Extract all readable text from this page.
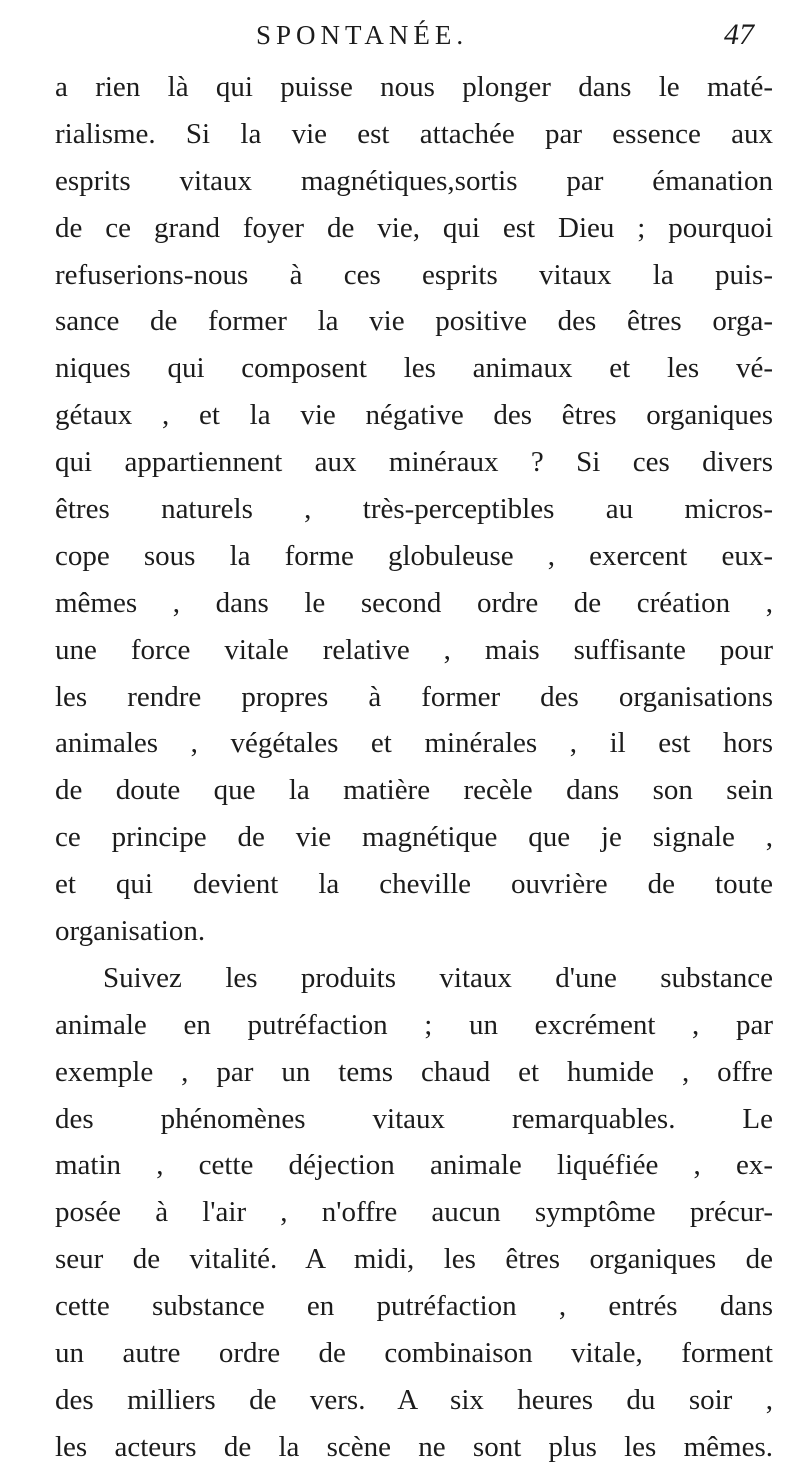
SPONTANÉE.	47
a rien là qui puisse nous plonger dans le maté-
rialisme. Si la vie est attachée par essence aux
esprits vitaux magnétiques,sortis par émanation
de ce grand foyer de vie, qui est Dieu ; pourquoi
refuserions-nous à ces esprits vitaux la puis-
sance de former la vie positive des êtres orga-
niques qui composent les animaux et les vé-
gétaux , et la vie négative des êtres organiques
qui appartiennent aux minéraux ? Si ces divers
êtres naturels , très-perceptibles au micros-
cope sous la forme globuleuse , exercent eux-
mêmes , dans le second ordre de création ,
une force vitale relative , mais suffisante pour
les rendre propres à former des organisations
animales , végétales et minérales , il est hors
de doute que la matière recèle dans son sein
ce principe de vie magnétique que je signale ,
et qui devient la cheville ouvrière de toute
organisation.
Suivez les produits vitaux d'une substance
animale en putréfaction ; un excrément , par
exemple , par un tems chaud et humide , offre
des phénomènes vitaux remarquables. Le
matin , cette déjection animale liquéfiée , ex-
posée à l'air , n'offre aucun symptôme précur-
seur de vitalité. A midi, les êtres organiques de
cette substance en putréfaction , entrés dans
un autre ordre de combinaison vitale, forment
des milliers de vers. A six heures du soir ,
les acteurs de la scène ne sont plus les mêmes.
